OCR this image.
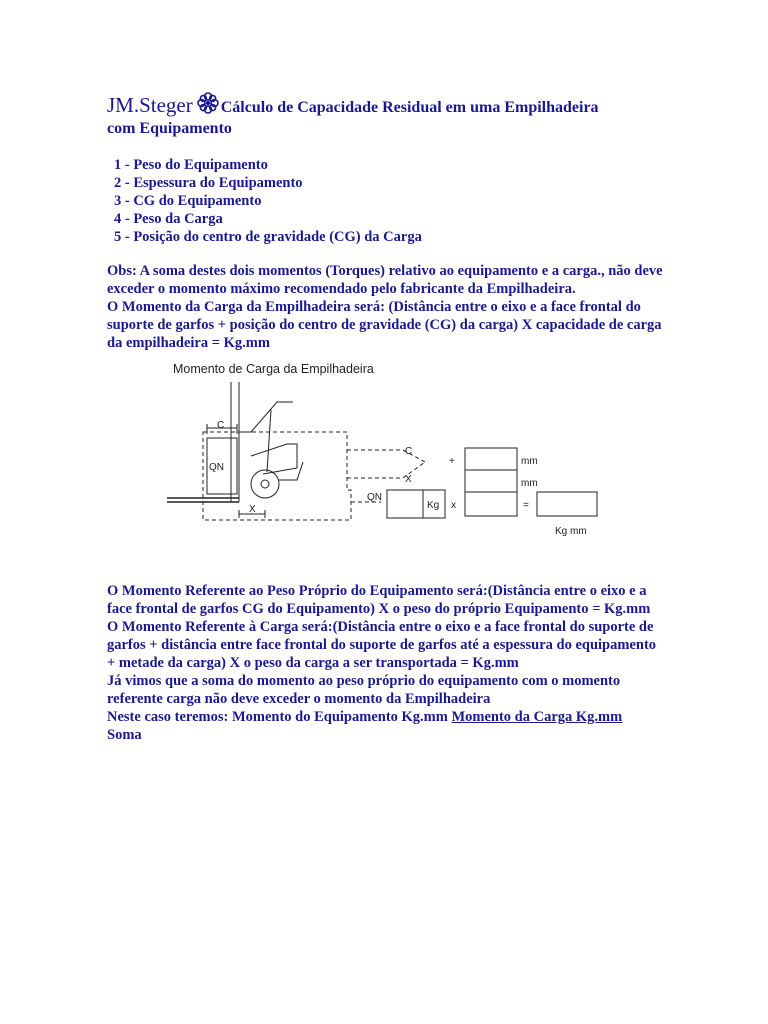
JM.Steger Cálculo de Capacidade Residual em uma Empilhadeira
com Equipamento

1 - Peso do Equipamento
2 - Espessura do Equipamento
3 - CG do Equipamento
4 - Peso da Carga
5 - Posição do centro de gravidade (CG) da Carga

Obs: A soma destes dois momentos (Torques) relativo ao equipamento e a carga., não deve exceder o momento máximo recomendado pelo fabricante da Empilhadeira.

O Momento da Carga da Empilhadeira será: (Distância entre o eixo e a face frontal do suporte de garfos + posição do centro de gravidade (CG) da carga) X capacidade de carga da empilhadeira = Kg.mm

Momento de Carga da Empilhadeira
C
QN
X
C
X
+
QN
Kg x
mm
mm
=
Kg mm

O Momento Referente ao Peso Próprio do Equipamento será:(Distância entre o eixo e a face frontal de garfos CG do Equipamento) X o peso do próprio Equipamento = Kg.mm

O Momento Referente à Carga será:(Distância entre o eixo e a face frontal do suporte de garfos + distância entre face frontal do suporte de garfos até a espessura do equipamento + metade da carga) X o peso da carga a ser transportada = Kg.mm

Já vimos que a soma do momento ao peso próprio do equipamento com o momento referente carga não deve exceder o momento da Empilhadeira

Neste caso teremos: Momento do Equipamento Kg.mm Momento da Carga Kg.mm

Soma
